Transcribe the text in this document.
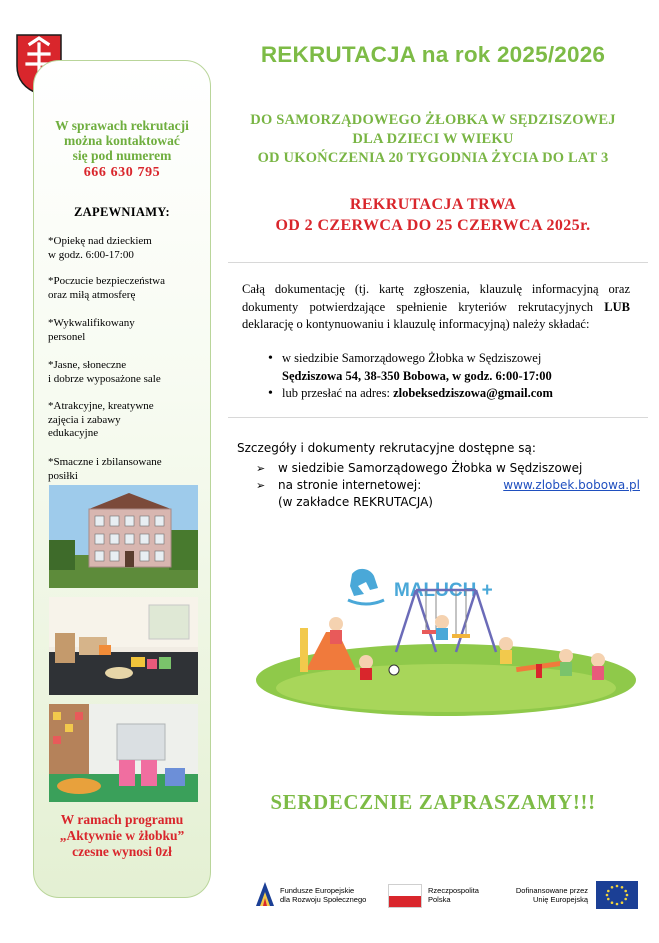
W sprawach rekrutacji
można kontaktować
się pod numerem
666 630 795
ZAPEWNIAMY:
*Opiekę nad dzieckiem
w godz. 6:00-17:00
*Poczucie bezpieczeństwa
oraz miłą atmosferę
*Wykwalifikowany
personel
*Jasne, słoneczne
i dobrze wyposażone sale
*Atrakcyjne, kreatywne
zajęcia i zabawy
edukacyjne
*Smaczne i zbilansowane
posiłki
W ramach programu
„Aktywnie w żłobku”
czesne wynosi 0zł
REKRUTACJA na rok 2025/2026
DO SAMORZĄDOWEGO ŻŁOBKA W SĘDZISZOWEJ
DLA DZIECI W WIEKU
OD UKOŃCZENIA 20 TYGODNIA ŻYCIA DO LAT 3
REKRUTACJA TRWA
OD 2 CZERWCA DO 25 CZERWCA 2025r.
Całą dokumentację (tj. kartę zgłoszenia, klauzulę informacyjną oraz dokumenty potwierdzające spełnienie kryteriów rekrutacyjnych LUB deklarację o kontynuowaniu i klauzulę informacyjną) należy składać:
• w siedzibie Samorządowego Żłobka w Sędziszowej
Sędziszowa 54, 38-350 Bobowa, w godz. 6:00-17:00
• lub przesłać na adres: zlobeksedziszowa@gmail.com
Szczegóły i dokumenty rekrutacyjne dostępne są:
➢ w siedzibie Samorządowego Żłobka w Sędziszowej
➢ na stronie internetowej:	www.zlobek.bobowa.pl
(w zakładce REKRUTACJA)
MALUCH +
SERDECZNIE ZAPRASZAMY!!!
Fundusze Europejskie
dla Rozwoju Społecznego
Rzeczpospolita
Polska
Dofinansowane przez
Unię Europejską
